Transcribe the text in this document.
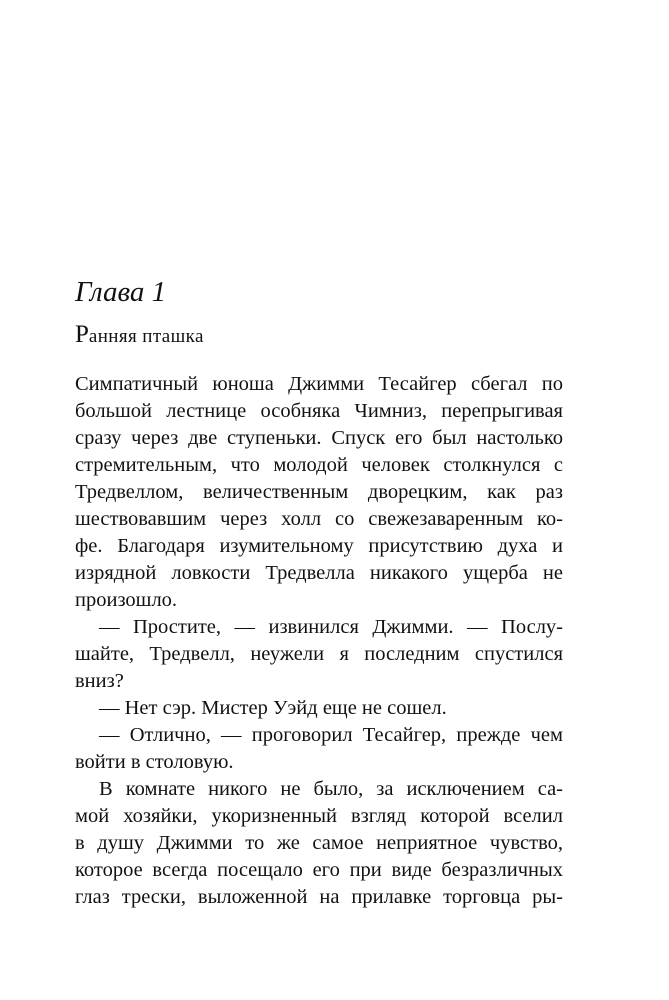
Глава 1
Ранняя пташка
Симпатичный юноша Джимми Тесайгер сбегал по
большой лестнице особняка Чимниз, перепрыгивая
сразу через две ступеньки. Спуск его был настолько
стремительным, что молодой человек столкнулся с
Тредвеллом, величественным дворецким, как раз
шествовавшим через холл со свежезаваренным ко-
фе. Благодаря изумительному присутствию духа и
изрядной ловкости Тредвелла никакого ущерба не
произошло.
— Простите, — извинился Джимми. — Послу-
шайте, Тредвелл, неужели я последним спустился
вниз?
— Нет сэр. Мистер Уэйд еще не сошел.
— Отлично, — проговорил Тесайгер, прежде чем
войти в столовую.
В комнате никого не было, за исключением са-
мой хозяйки, укоризненный взгляд которой вселил
в душу Джимми то же самое неприятное чувство,
которое всегда посещало его при виде безразличных
глаз трески, выложенной на прилавке торговца ры-
